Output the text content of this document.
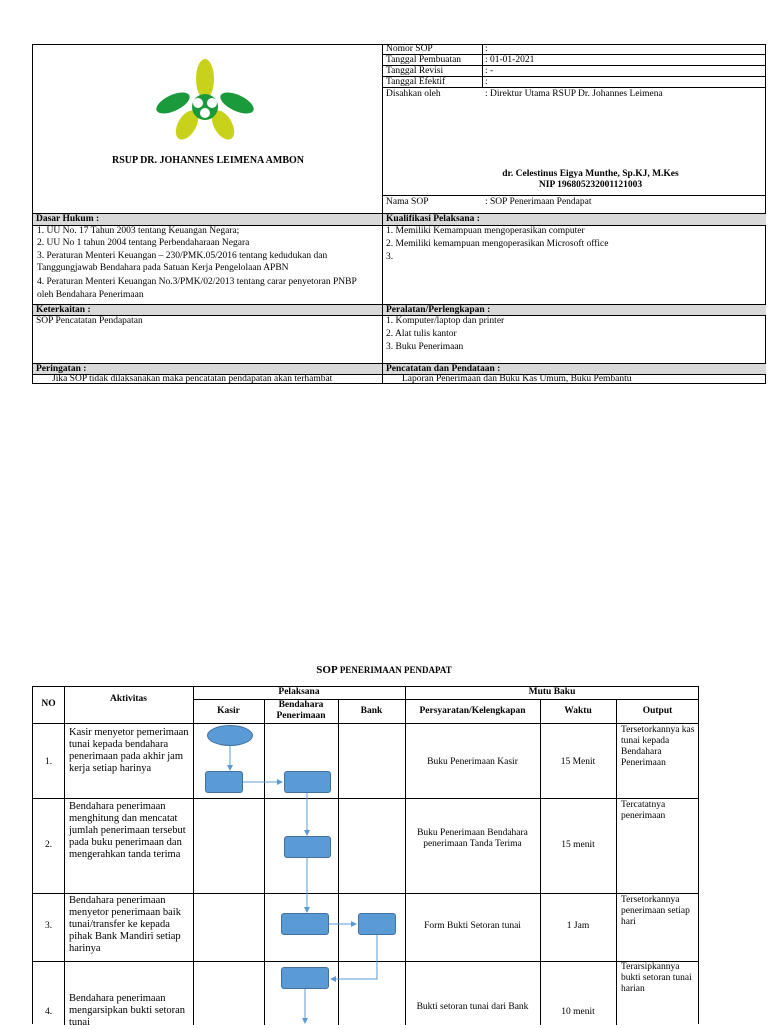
RSUP DR. JOHANNES LEIMENA AMBON
Nomor SOP	:
Tanggal Pembuatan	: 01-01-2021
Tanggal Revisi	: -
Tanggal Efektif	:
Disahkan oleh	: Direktur Utama RSUP Dr. Johannes Leimena
dr. Celestinus Eigya Munthe, Sp.KJ, M.Kes
NIP 196805232001121003
Nama SOP	: SOP Penerimaan Pendapat
Dasar Hukum :
1. UU No. 17 Tahun 2003 tentang Keuangan Negara;
2. UU No 1 tahun 2004 tentang Perbendaharaan Negara
3. Peraturan Menteri Keuangan – 230/PMK.05/2016 tentang kedudukan dan
Tanggungjawab Bendahara pada Satuan Kerja Pengelolaan APBN
4. Peraturan Menteri Keuangan No.3/PMK/02/2013 tentang carar penyetoran PNBP
oleh Bendahara Penerimaan
Kualifikasi Pelaksana :
1. Memiliki Kemampuan mengoperasikan computer
2. Memiliki kemampuan mengoperasikan Microsoft office
3.
Keterkaitan :
SOP Pencatatan Pendapatan
Peralatan/Perlengkapan :
1. Komputer/laptop dan printer
2. Alat tulis kantor
3. Buku Penerimaan
Peringatan :
Jika SOP tidak dilaksanakan maka pencatatan pendapatan akan terhambat
Pencatatan dan Pendataan :
Laporan Penerimaan dan Buku Kas Umum, Buku Pembantu
SOP PENERIMAAN PENDAPAT
NO	Aktivitas
Pelaksana	Mutu Baku
Kasir
Bendahara Penerimaan	Bank	Persyaratan/Kelengkapan	Waktu	Output
1.
Kasir menyetor pemerimaan tunai kepada bendahara penerimaan pada akhir jam kerja setiap harinya
Buku Penerimaan Kasir	15 Menit
Tersetorkannya kas tunai kepada Bendahara Penerimaan
2.
Bendahara penerimaan menghitung dan mencatat jumlah penerimaan tersebut pada buku penerimaan dan mengerahkan tanda terima
Buku Penerimaan Bendahara penerimaan Tanda Terima	15 menit
Tercatatnya penerimaan
3.
Bendahara penerimaan menyetor penerimaan baik tunai/transfer ke kepada pihak Bank Mandiri setiap harinya
Form Bukti Setoran tunai	1 Jam
Tersetorkannya penerimaan setiap hari
4.
Bendahara penerimaan mengarsipkan bukti setoran tunai
Bukti setoran tunai dari Bank	10 menit
Terarsipkannya bukti setoran tunai harian
